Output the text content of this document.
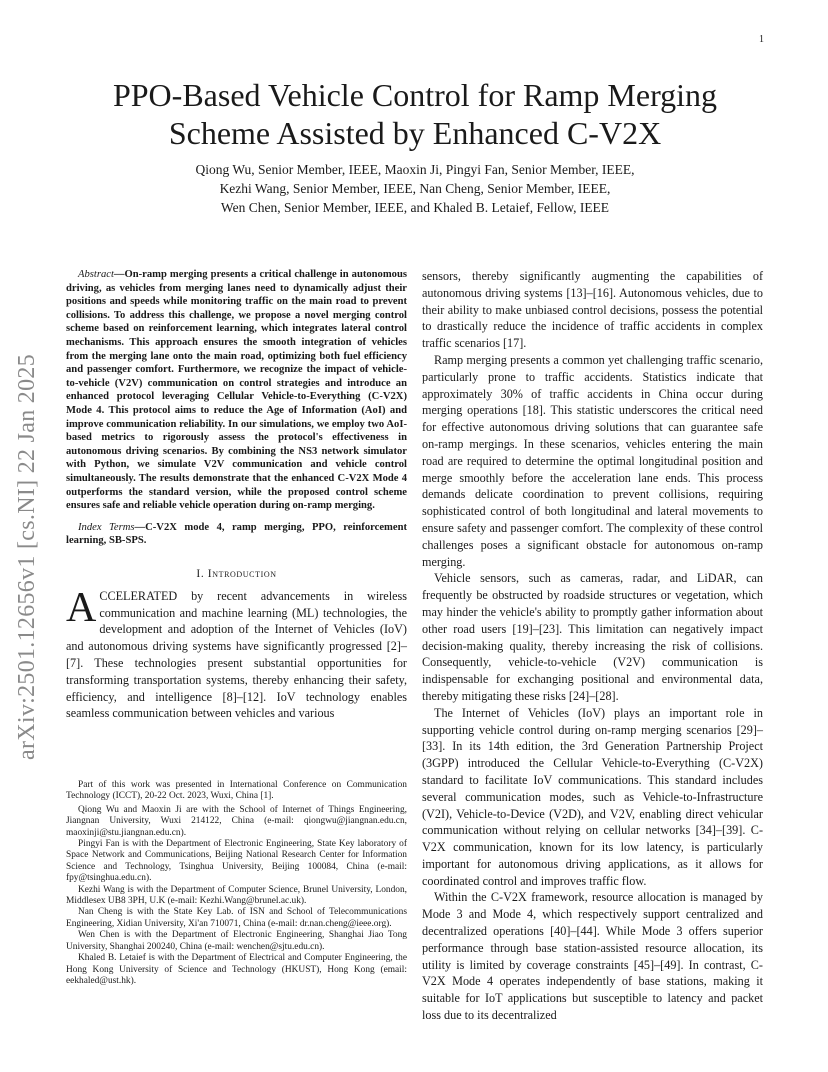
1
arXiv:2501.12656v1 [cs.NI] 22 Jan 2025
PPO-Based Vehicle Control for Ramp Merging
Scheme Assisted by Enhanced C-V2X
Qiong Wu, Senior Member, IEEE, Maoxin Ji, Pingyi Fan, Senior Member, IEEE,
Kezhi Wang, Senior Member, IEEE, Nan Cheng, Senior Member, IEEE,
Wen Chen, Senior Member, IEEE, and Khaled B. Letaief, Fellow, IEEE

Abstract—On-ramp merging presents a critical challenge in autonomous driving, as vehicles from merging lanes need to dynamically adjust their positions and speeds while monitoring traffic on the main road to prevent collisions. To address this challenge, we propose a novel merging control scheme based on reinforcement learning, which integrates lateral control mechanisms. This approach ensures the smooth integration of vehicles from the merging lane onto the main road, optimizing both fuel efficiency and passenger comfort. Furthermore, we recognize the impact of vehicle-to-vehicle (V2V) communication on control strategies and introduce an enhanced protocol leveraging Cellular Vehicle-to-Everything (C-V2X) Mode 4. This protocol aims to reduce the Age of Information (AoI) and improve communication reliability. In our simulations, we employ two AoI-based metrics to rigorously assess the protocol's effectiveness in autonomous driving scenarios. By combining the NS3 network simulator with Python, we simulate V2V communication and vehicle control simultaneously. The results demonstrate that the enhanced C-V2X Mode 4 outperforms the standard version, while the proposed control scheme ensures safe and reliable vehicle operation during on-ramp merging.

Index Terms—C-V2X mode 4, ramp merging, PPO, reinforcement learning, SB-SPS.

I. Introduction

ACCELERATED by recent advancements in wireless communication and machine learning (ML) technologies, the development and adoption of the Internet of Vehicles (IoV) and autonomous driving systems have significantly progressed [2]–[7]. These technologies present substantial opportunities for transforming transportation systems, thereby enhancing their safety, efficiency, and intelligence [8]–[12]. IoV technology enables seamless communication between vehicles and various

Part of this work was presented in International Conference on Communication Technology (ICCT), 20-22 Oct. 2023, Wuxi, China [1].

Qiong Wu and Maoxin Ji are with the School of Internet of Things Engineering, Jiangnan University, Wuxi 214122, China (e-mail: qiongwu@jiangnan.edu.cn, maoxinji@stu.jiangnan.edu.cn).

Pingyi Fan is with the Department of Electronic Engineering, State Key laboratory of Space Network and Communications, Beijing National Research Center for Information Science and Technology, Tsinghua University, Beijing 100084, China (e-mail: fpy@tsinghua.edu.cn).

Kezhi Wang is with the Department of Computer Science, Brunel University, London, Middlesex UB8 3PH, U.K (e-mail: Kezhi.Wang@brunel.ac.uk).

Nan Cheng is with the State Key Lab. of ISN and School of Telecommunications Engineering, Xidian University, Xi'an 710071, China (e-mail: dr.nan.cheng@ieee.org).

Wen Chen is with the Department of Electronic Engineering, Shanghai Jiao Tong University, Shanghai 200240, China (e-mail: wenchen@sjtu.edu.cn).

Khaled B. Letaief is with the Department of Electrical and Computer Engineering, the Hong Kong University of Science and Technology (HKUST), Hong Kong (email: eekhaled@ust.hk).

sensors, thereby significantly augmenting the capabilities of autonomous driving systems [13]–[16]. Autonomous vehicles, due to their ability to make unbiased control decisions, possess the potential to drastically reduce the incidence of traffic accidents in complex traffic scenarios [17].

Ramp merging presents a common yet challenging traffic scenario, particularly prone to traffic accidents. Statistics indicate that approximately 30% of traffic accidents in China occur during merging operations [18]. This statistic underscores the critical need for effective autonomous driving solutions that can guarantee safe on-ramp mergings. In these scenarios, vehicles entering the main road are required to determine the optimal longitudinal position and merge smoothly before the acceleration lane ends. This process demands delicate coordination to prevent collisions, requiring sophisticated control of both longitudinal and lateral movements to ensure safety and passenger comfort. The complexity of these control challenges poses a significant obstacle for autonomous on-ramp merging.

Vehicle sensors, such as cameras, radar, and LiDAR, can frequently be obstructed by roadside structures or vegetation, which may hinder the vehicle's ability to promptly gather information about other road users [19]–[23]. This limitation can negatively impact decision-making quality, thereby increasing the risk of collisions. Consequently, vehicle-to-vehicle (V2V) communication is indispensable for exchanging positional and environmental data, thereby mitigating these risks [24]–[28].

The Internet of Vehicles (IoV) plays an important role in supporting vehicle control during on-ramp merging scenarios [29]–[33]. In its 14th edition, the 3rd Generation Partnership Project (3GPP) introduced the Cellular Vehicle-to-Everything (C-V2X) standard to facilitate IoV communications. This standard includes several communication modes, such as Vehicle-to-Infrastructure (V2I), Vehicle-to-Device (V2D), and V2V, enabling direct vehicular communication without relying on cellular networks [34]–[39]. C-V2X communication, known for its low latency, is particularly important for autonomous driving applications, as it allows for coordinated control and improves traffic flow.

Within the C-V2X framework, resource allocation is managed by Mode 3 and Mode 4, which respectively support centralized and decentralized operations [40]–[44]. While Mode 3 offers superior performance through base station-assisted resource allocation, its utility is limited by coverage constraints [45]–[49]. In contrast, C-V2X Mode 4 operates independently of base stations, making it suitable for IoT applications but susceptible to latency and packet loss due to its decentralized
